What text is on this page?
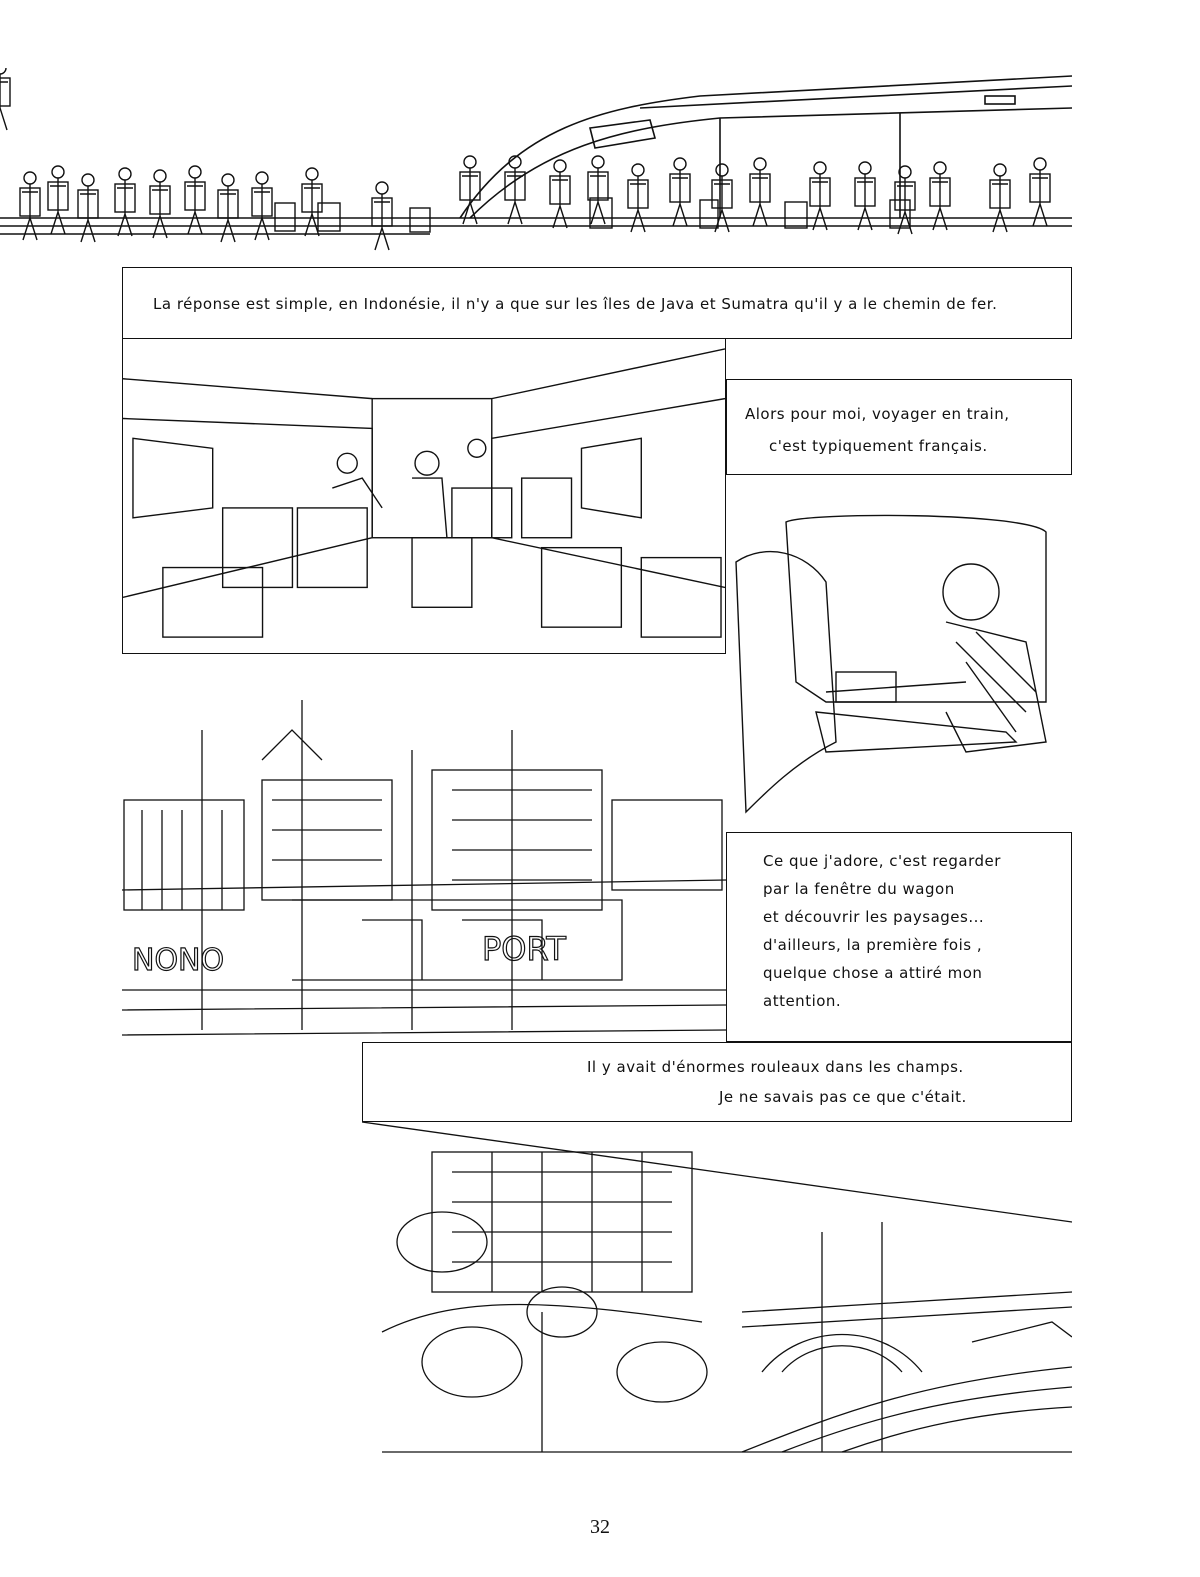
La réponse est simple, en Indonésie, il n'y a que sur les îles de Java et Sumatra qu'il y a le chemin de fer.

Alors pour moi, voyager en train,

c'est typiquement français.

NONO	PORT

Ce que j'adore, c'est regarder

par la fenêtre du wagon

et découvrir les paysages...

d'ailleurs, la première fois ,

quelque chose a attiré mon

attention.

Il y avait d'énormes rouleaux dans les champs.

Je ne savais pas ce que c'était.

32
